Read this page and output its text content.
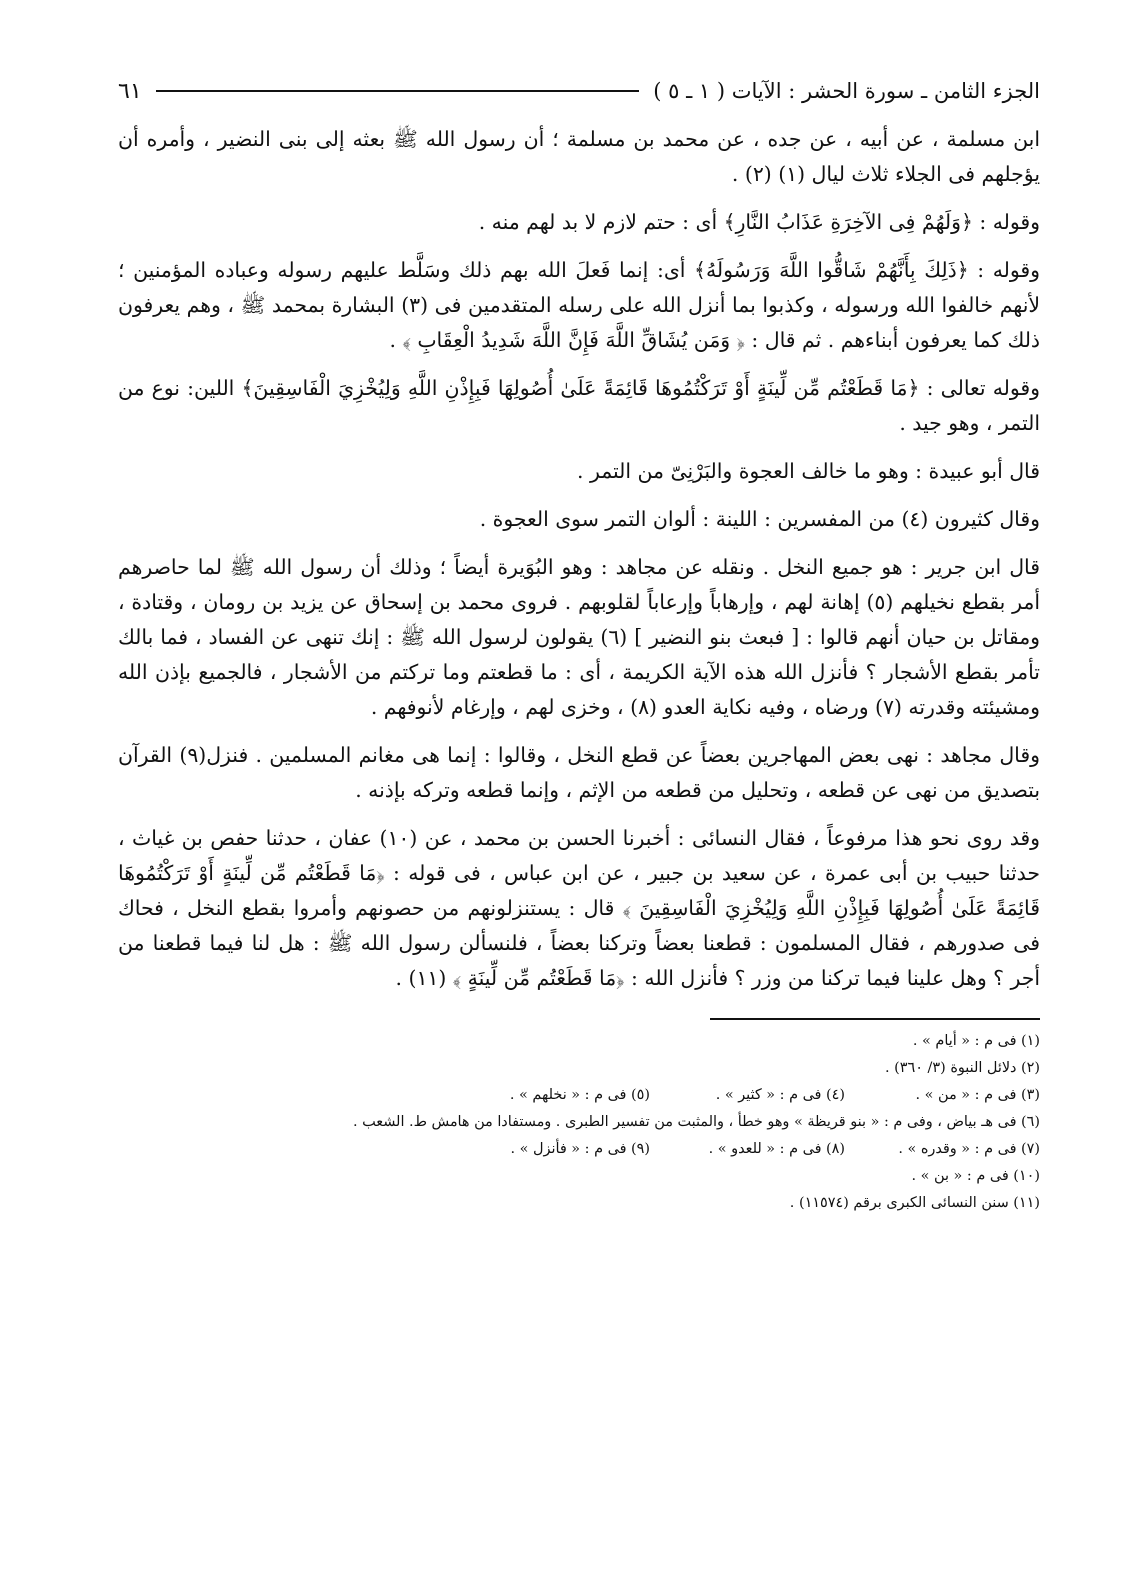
الجزء الثامن ـ سورة الحشر : الآيات ( ١ ـ ٥ )
٦١

ابن مسلمة ، عن أبيه ، عن جده ، عن محمد بن مسلمة ؛ أن رسول الله ﷺ بعثه إلى بنى النضير ، وأمره أن يؤجلهم فى الجلاء ثلاث ليال (١) (٢) .

وقوله : ﴿وَلَهُمْ فِى الآخِرَةِ عَذَابُ النَّارِ﴾ أى : حتم لازم لا بد لهم منه .

وقوله : ﴿ذَلِكَ بِأَنَّهُمْ شَاقُّوا اللَّهَ وَرَسُولَهُ﴾ أى: إنما فَعلَ الله بهم ذلك وسَلَّط عليهم رسوله وعباده المؤمنين ؛ لأنهم خالفوا الله ورسوله ، وكذبوا بما أنزل الله على رسله المتقدمين فى (٣) البشارة بمحمد ﷺ ، وهم يعرفون ذلك كما يعرفون أبناءهم . ثم قال : ﴿ وَمَن يُشَاقِّ اللَّهَ فَإِنَّ اللَّهَ شَدِيدُ الْعِقَابِ ﴾ .

وقوله تعالى : ﴿مَا قَطَعْتُم مِّن لِّينَةٍ أَوْ تَرَكْتُمُوهَا قَائِمَةً عَلَىٰ أُصُولِهَا فَبِإِذْنِ اللَّهِ وَلِيُخْزِيَ الْفَاسِقِينَ﴾ اللين: نوع من التمر ، وهو جيد .

قال أبو عبيدة : وهو ما خالف العجوة والبَرْنِىّ من التمر .

وقال كثيرون (٤) من المفسرين : اللينة : ألوان التمر سوى العجوة .

قال ابن جرير : هو جميع النخل . ونقله عن مجاهد : وهو البُوَيرة أيضاً ؛ وذلك أن رسول الله ﷺ لما حاصرهم أمر بقطع نخيلهم (٥) إهانة لهم ، وإرهاباً وإرعاباً لقلوبهم . فروى محمد بن إسحاق عن يزيد بن رومان ، وقتادة ، ومقاتل بن حيان أنهم قالوا : [ فبعث بنو النضير ] (٦) يقولون لرسول الله ﷺ : إنك تنهى عن الفساد ، فما بالك تأمر بقطع الأشجار ؟ فأنزل الله هذه الآية الكريمة ، أى : ما قطعتم وما تركتم من الأشجار ، فالجميع بإذن الله ومشيئته وقدرته (٧) ورضاه ، وفيه نكاية العدو (٨) ، وخزى لهم ، وإرغام لأنوفهم .

وقال مجاهد : نهى بعض المهاجرين بعضاً عن قطع النخل ، وقالوا : إنما هى مغانم المسلمين . فنزل(٩) القرآن بتصديق من نهى عن قطعه ، وتحليل من قطعه من الإثم ، وإنما قطعه وتركه بإذنه .

وقد روى نحو هذا مرفوعاً ، فقال النسائى : أخبرنا الحسن بن محمد ، عن (١٠) عفان ، حدثنا حفص بن غياث ، حدثنا حبيب بن أبى عمرة ، عن سعيد بن جبير ، عن ابن عباس ، فى قوله : ﴿مَا قَطَعْتُم مِّن لِّينَةٍ أَوْ تَرَكْتُمُوهَا قَائِمَةً عَلَىٰ أُصُولِهَا فَبِإِذْنِ اللَّهِ وَلِيُخْزِيَ الْفَاسِقِينَ ﴾ قال : يستنزلونهم من حصونهم وأمروا بقطع النخل ، فحاك فى صدورهم ، فقال المسلمون : قطعنا بعضاً وتركنا بعضاً ، فلنسألن رسول الله ﷺ : هل لنا فيما قطعنا من أجر ؟ وهل علينا فيما تركنا من وزر ؟ فأنزل الله : ﴿مَا قَطَعْتُم مِّن لِّينَةٍ ﴾ (١١) .

(١) فى م : « أيام » .
(٢) دلائل النبوة (٣/ ٣٦٠) .
(٣) فى م : « من » .
(٤) فى م : « كثير » .
(٥) فى م : « نخلهم » .
(٦) فى هـ بياض ، وفى م : « بنو قريظة » وهو خطأ ، والمثبت من تفسير الطبرى . ومستفادا من هامش ط. الشعب .
(٧) فى م : « وقدره » .
(٨) فى م : « للعدو » .
(٩) فى م : « فأنزل » .
(١٠) فى م : « بن » .
(١١) سنن النسائى الكبرى برقم (١١٥٧٤) .
